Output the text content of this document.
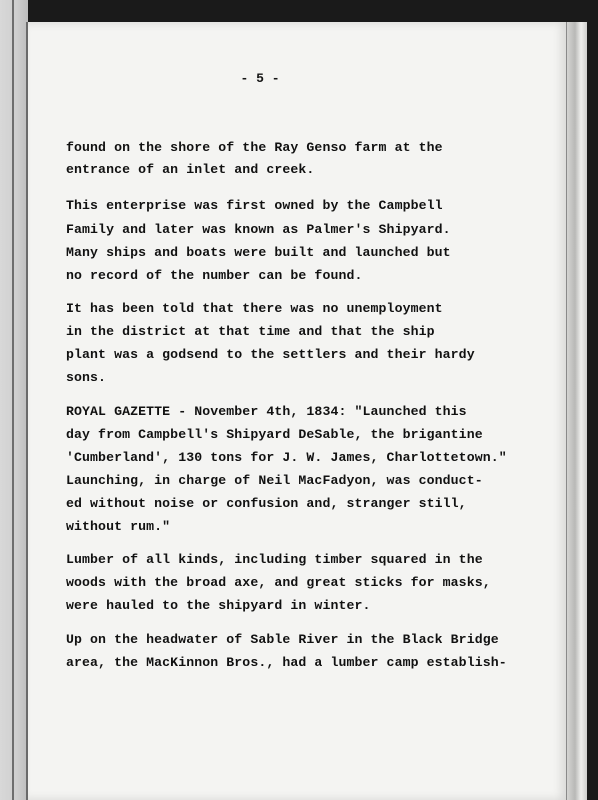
- 5 -
found on the shore of the Ray Genso farm at the
entrance of an inlet and creek.
This enterprise was first owned by the Campbell
Family and later was known as Palmer's Shipyard.
Many ships and boats were built and launched but
no record of the number can be found.
It has been told that there was no unemployment
in the district at that time and that the ship
plant was a godsend to the settlers and their hardy
sons.
ROYAL GAZETTE - November 4th, 1834: "Launched this
day from Campbell's Shipyard DeSable, the brigantine
'Cumberland', 130 tons for J. W. James, Charlottetown."
Launching, in charge of Neil MacFadyon, was conduct-
ed without noise or confusion and, stranger still,
without rum."
Lumber of all kinds, including timber squared in the
woods with the broad axe, and great sticks for masks,
were hauled to the shipyard in winter.
Up on the headwater of Sable River in the Black Bridge
area, the MacKinnon Bros., had a lumber camp establish-
